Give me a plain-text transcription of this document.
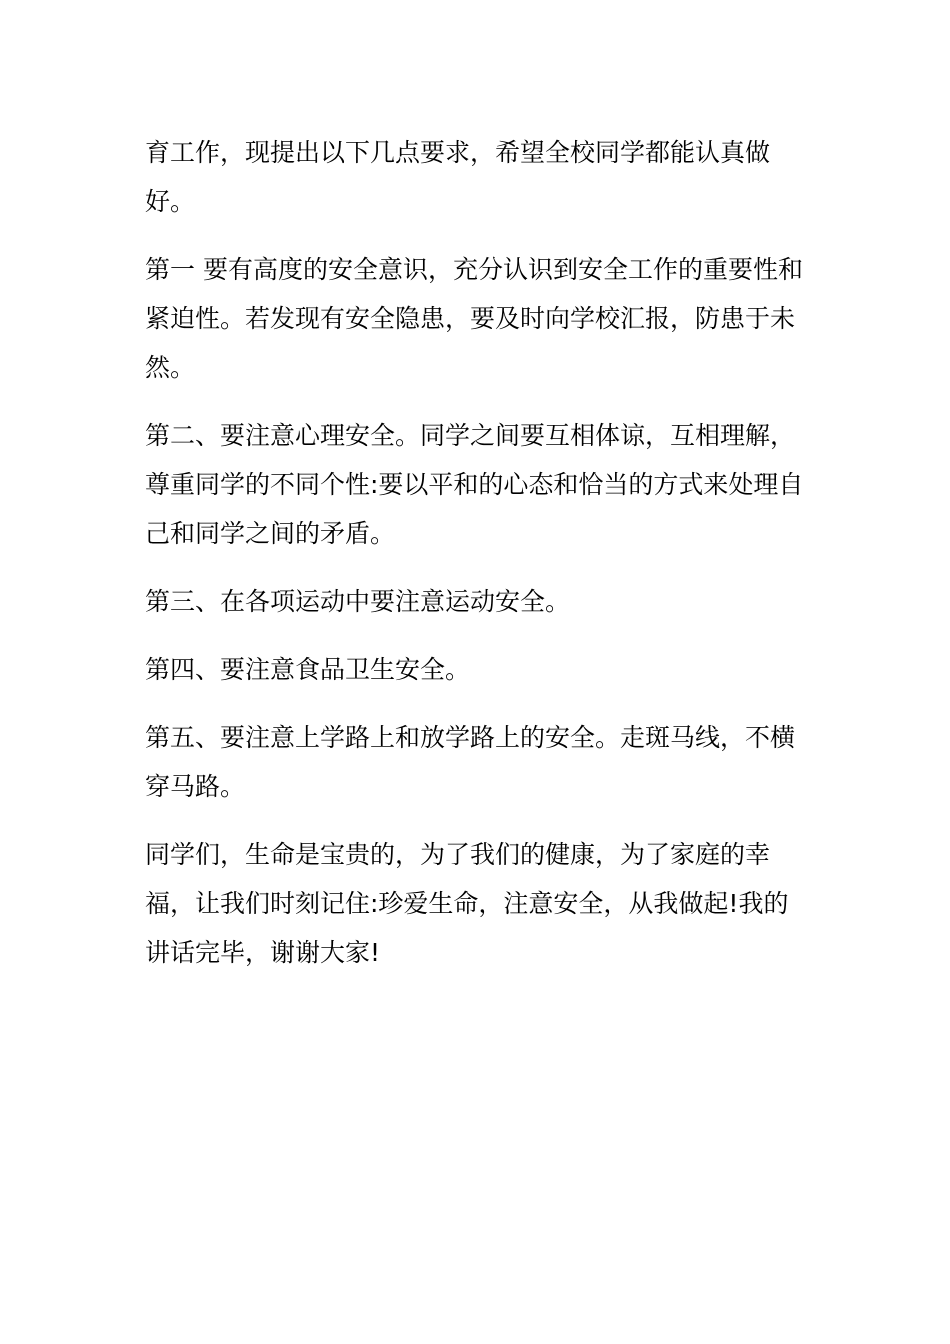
育工作，现提出以下几点要求，希望全校同学都能认真做好。

第一 要有高度的安全意识，充分认识到安全工作的重要性和紧迫性。若发现有安全隐患，要及时向学校汇报，防患于未然。

第二、要注意心理安全。同学之间要互相体谅，互相理解，尊重同学的不同个性:要以平和的心态和恰当的方式来处理自己和同学之间的矛盾。

第三、在各项运动中要注意运动安全。

第四、要注意食品卫生安全。

第五、要注意上学路上和放学路上的安全。走斑马线，不横穿马路。

同学们，生命是宝贵的，为了我们的健康，为了家庭的幸福，让我们时刻记住:珍爱生命，注意安全，从我做起!我的讲话完毕，谢谢大家!
